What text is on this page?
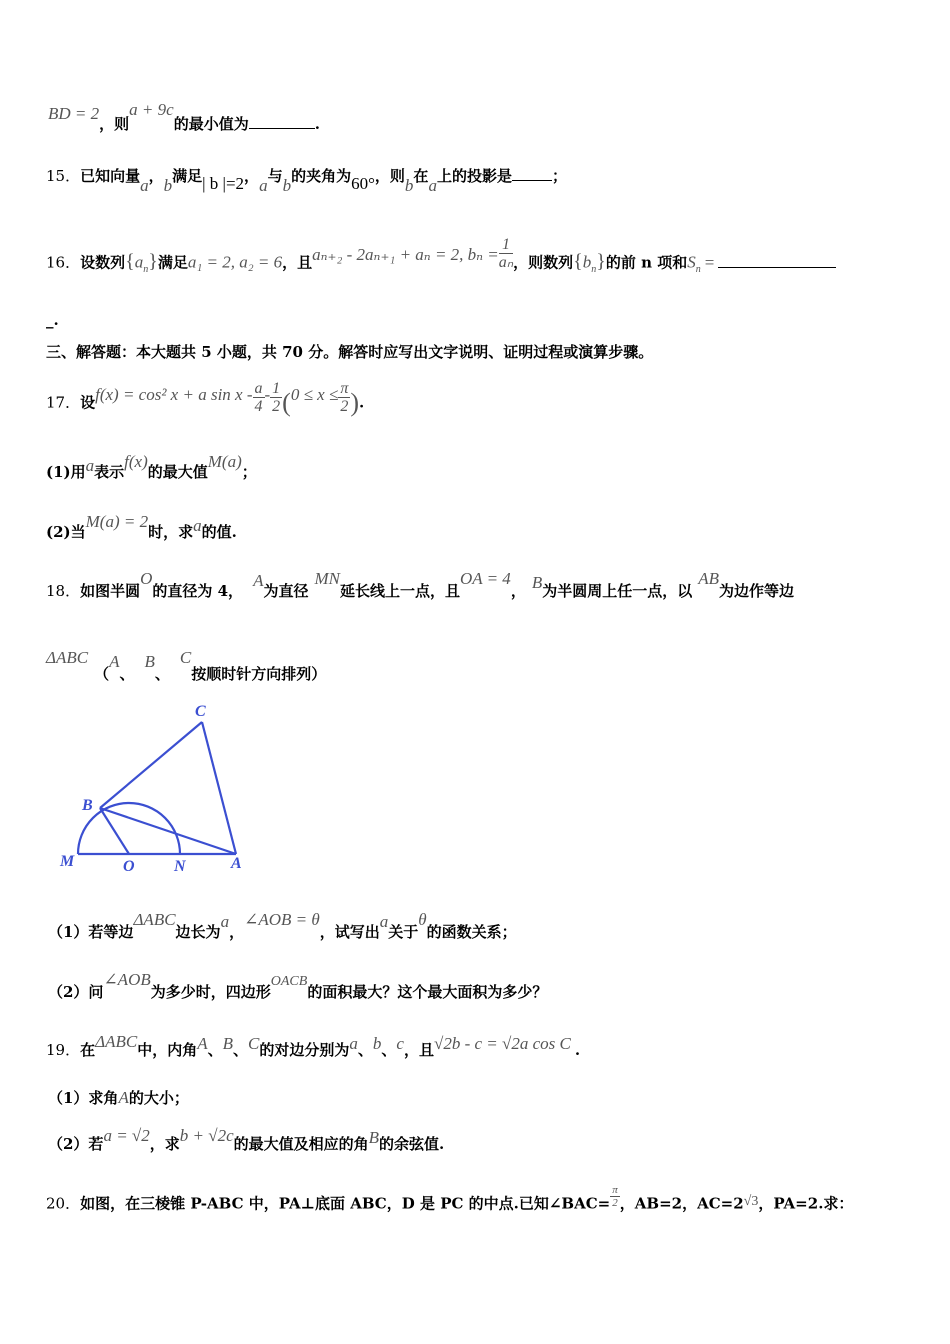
BD = 2，则a + 9c的最小值为	.
15．已知向量a，b满足| b |=2，a与b的夹角为60°，则b在a上的投影是	；
16．设数列$\{a_n\}$满足a₁ = 2, a₂ = 6，且aₙ₊₂ - 2aₙ₊₁ + aₙ = 2, $b_n = \frac{1}{\text{aₙ}}$ ，则数列$\{b_n\}$的前 n 项和$S_n$ =
_.
三、解答题：本大题共 5 小题，共 70 分。解答时应写出文字说明、证明过程或演算步骤。
17．设f(x) = cos² x + a $\sin x - \frac{a}{4} - \frac{1}{2} (0 \le x \le \frac{\pi}{2}$ ).
(1)用a表示f(x)的最大值M(a)；
(2)当M(a) = 2时，求a的值.
18．如图半圆O的直径为 4，A为直径MN延长线上一点，且OA = 4， B为半圆周上任一点，以AB为边作等边
ΔABC（A、B、C按顺时针方向排列）
C
B
M	O N	A
（1）若等边ΔABC边长为a，∠AOB = θ，试写出a关于θ的函数关系；
（2）问∠AOB为多少时，四边形OACB的面积最大？这个最大面积为多少？
19．在ΔABC中，内角A、B、C的对边分别为a、b、c，且√2b - c = √2a cos C .
（1）求角A的大小；
（2）若a = √2，求b + √2c的最大值及相应的角B的余弦值.
20．如图，在三棱锥 P-ABC 中，PA⊥底面 ABC，D 是 PC 的中点.已知∠BAC= $\frac{\pi}{2}$ ，AB=2，AC=2√3，PA=2.求：
